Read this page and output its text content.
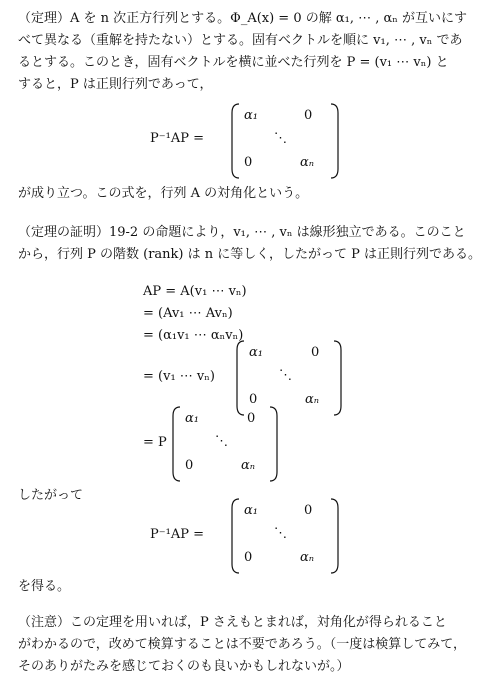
（定理）A を n 次正方行列とする。Φ_A(x) = 0 の解 α₁, ⋯ , αₙ が互いにす
べて異なる（重解を持たない）とする。固有ベクトルを順に v₁, ⋯ , vₙ であ
るとする。このとき，固有ベクトルを横に並べた行列を P = (v₁ ⋯ vₙ) と
すると，P は正則行列であって，
P⁻¹AP =
α₁	0
⋱
0	αₙ
が成り立つ。この式を，行列 A の対角化という。
（定理の証明）19-2 の命題により，v₁, ⋯ , vₙ は線形独立である。このこと
から，行列 P の階数 (rank) は n に等しく，したがって P は正則行列である。
AP = A(v₁ ⋯ vₙ)
= (Av₁ ⋯ Avₙ)
= (α₁v₁ ⋯ αₙvₙ)
= (v₁ ⋯ vₙ)
α₁	0
⋱
0	αₙ
= P
α₁	0
⋱
0	αₙ
したがって
P⁻¹AP =
α₁	0
⋱
0	αₙ
を得る。
（注意）この定理を用いれば，P さえもとまれば，対角化が得られること
がわかるので，改めて検算することは不要であろう。（一度は検算してみて，
そのありがたみを感じておくのも良いかもしれないが。）
